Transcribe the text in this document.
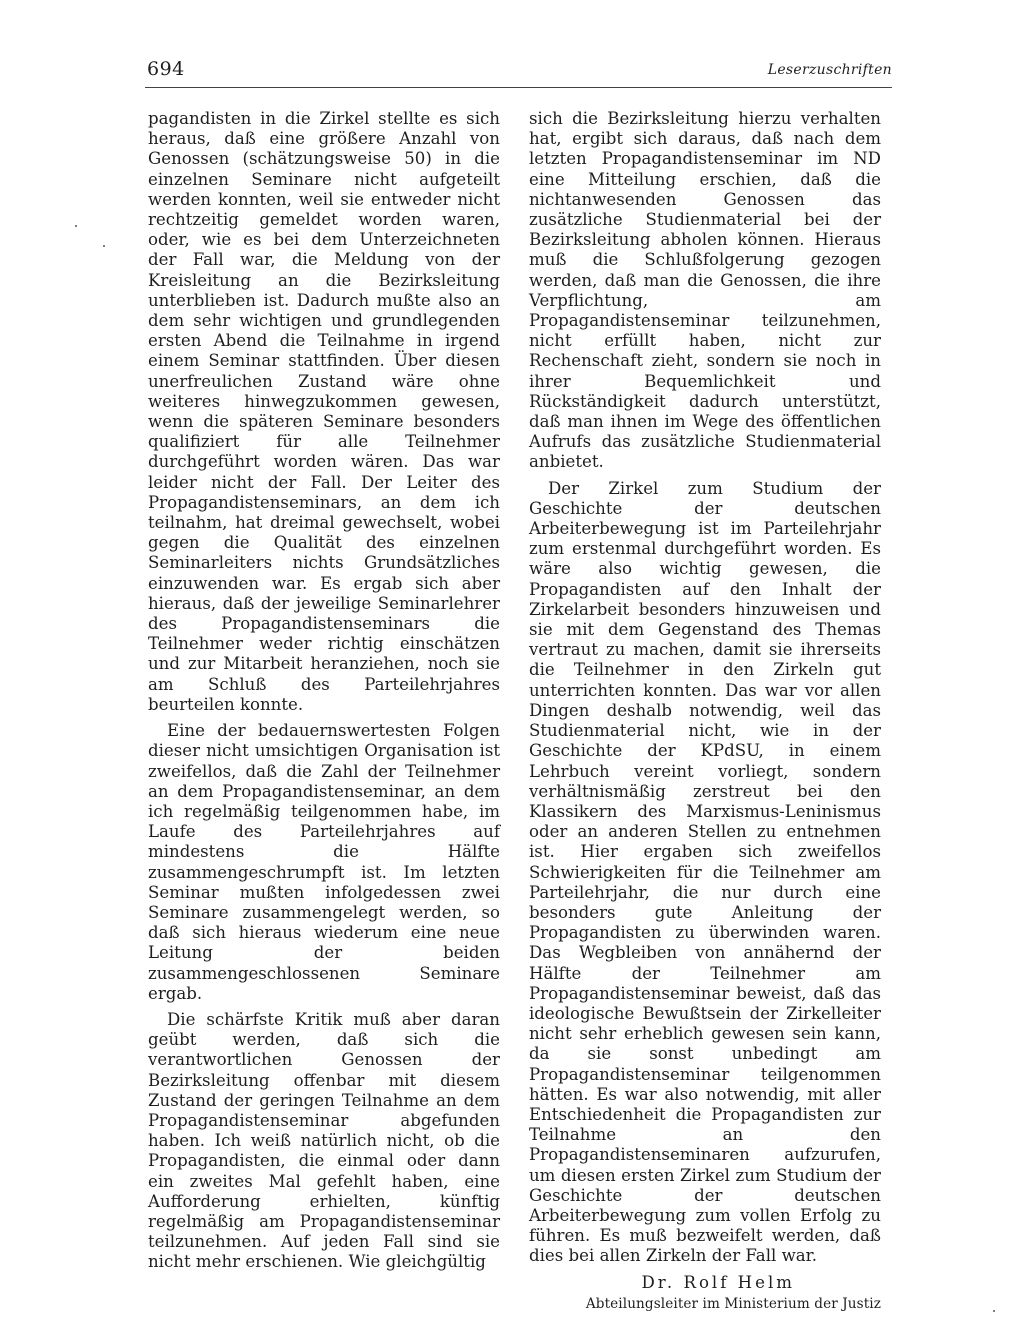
694	Leserzuschriften

pagandisten in die Zirkel stellte es sich heraus, daß eine größere Anzahl von Genossen (schätzungsweise 50) in die einzelnen Seminare nicht aufgeteilt werden konnten, weil sie entweder nicht rechtzeitig gemeldet worden waren, oder, wie es bei dem Unterzeichneten der Fall war, die Meldung von der Kreisleitung an die Bezirksleitung unterblieben ist. Dadurch mußte also an dem sehr wichtigen und grundlegenden ersten Abend die Teilnahme in irgend einem Seminar stattfinden. Über diesen unerfreulichen Zustand wäre ohne weiteres hinwegzukommen gewesen, wenn die späteren Seminare besonders qualifiziert für alle Teilnehmer durchgeführt worden wären. Das war leider nicht der Fall. Der Leiter des Propagandistenseminars, an dem ich teilnahm, hat dreimal gewechselt, wobei gegen die Qualität des einzelnen Seminarleiters nichts Grundsätzliches einzuwenden war. Es ergab sich aber hieraus, daß der jeweilige Seminarlehrer des Propagandistenseminars die Teilnehmer weder richtig einschätzen und zur Mitarbeit heranziehen, noch sie am Schluß des Parteilehrjahres beurteilen konnte.

Eine der bedauernswertesten Folgen dieser nicht umsichtigen Organisation ist zweifellos, daß die Zahl der Teilnehmer an dem Propagandistenseminar, an dem ich regelmäßig teilgenommen habe, im Laufe des Parteilehrjahres auf mindestens die Hälfte zusammengeschrumpft ist. Im letzten Seminar mußten infolgedessen zwei Seminare zusammengelegt werden, so daß sich hieraus wiederum eine neue Leitung der beiden zusammengeschlossenen Seminare ergab.

Die schärfste Kritik muß aber daran geübt werden, daß sich die verantwortlichen Genossen der Bezirksleitung offenbar mit diesem Zustand der geringen Teilnahme an dem Propagandistenseminar abgefunden haben. Ich weiß natürlich nicht, ob die Propagandisten, die einmal oder dann ein zweites Mal gefehlt haben, eine Aufforderung erhielten, künftig regelmäßig am Propagandistenseminar teilzunehmen. Auf jeden Fall sind sie nicht mehr erschienen. Wie gleichgültig

sich die Bezirksleitung hierzu verhalten hat, ergibt sich daraus, daß nach dem letzten Propagandistenseminar im ND eine Mitteilung erschien, daß die nichtanwesenden Genossen das zusätzliche Studienmaterial bei der Bezirksleitung abholen können. Hieraus muß die Schlußfolgerung gezogen werden, daß man die Genossen, die ihre Verpflichtung, am Propagandistenseminar teilzunehmen, nicht erfüllt haben, nicht zur Rechenschaft zieht, sondern sie noch in ihrer Bequemlichkeit und Rückständigkeit dadurch unterstützt, daß man ihnen im Wege des öffentlichen Aufrufs das zusätzliche Studienmaterial anbietet.

Der Zirkel zum Studium der Geschichte der deutschen Arbeiterbewegung ist im Parteilehrjahr zum erstenmal durchgeführt worden. Es wäre also wichtig gewesen, die Propagandisten auf den Inhalt der Zirkelarbeit besonders hinzuweisen und sie mit dem Gegenstand des Themas vertraut zu machen, damit sie ihrerseits die Teilnehmer in den Zirkeln gut unterrichten konnten. Das war vor allen Dingen deshalb notwendig, weil das Studienmaterial nicht, wie in der Geschichte der KPdSU, in einem Lehrbuch vereint vorliegt, sondern verhältnismäßig zerstreut bei den Klassikern des Marxismus-Leninismus oder an anderen Stellen zu entnehmen ist. Hier ergaben sich zweifellos Schwierigkeiten für die Teilnehmer am Parteilehrjahr, die nur durch eine besonders gute Anleitung der Propagandisten zu überwinden waren. Das Wegbleiben von annähernd der Hälfte der Teilnehmer am Propagandistenseminar beweist, daß das ideologische Bewußtsein der Zirkelleiter nicht sehr erheblich gewesen sein kann, da sie sonst unbedingt am Propagandistenseminar teilgenommen hätten. Es war also notwendig, mit aller Entschiedenheit die Propagandisten zur Teilnahme an den Propagandistenseminaren aufzurufen, um diesen ersten Zirkel zum Studium der Geschichte der deutschen Arbeiterbewegung zum vollen Erfolg zu führen. Es muß bezweifelt werden, daß dies bei allen Zirkeln der Fall war.

Dr. Rolf Helm
Abteilungsleiter im Ministerium der Justiz
